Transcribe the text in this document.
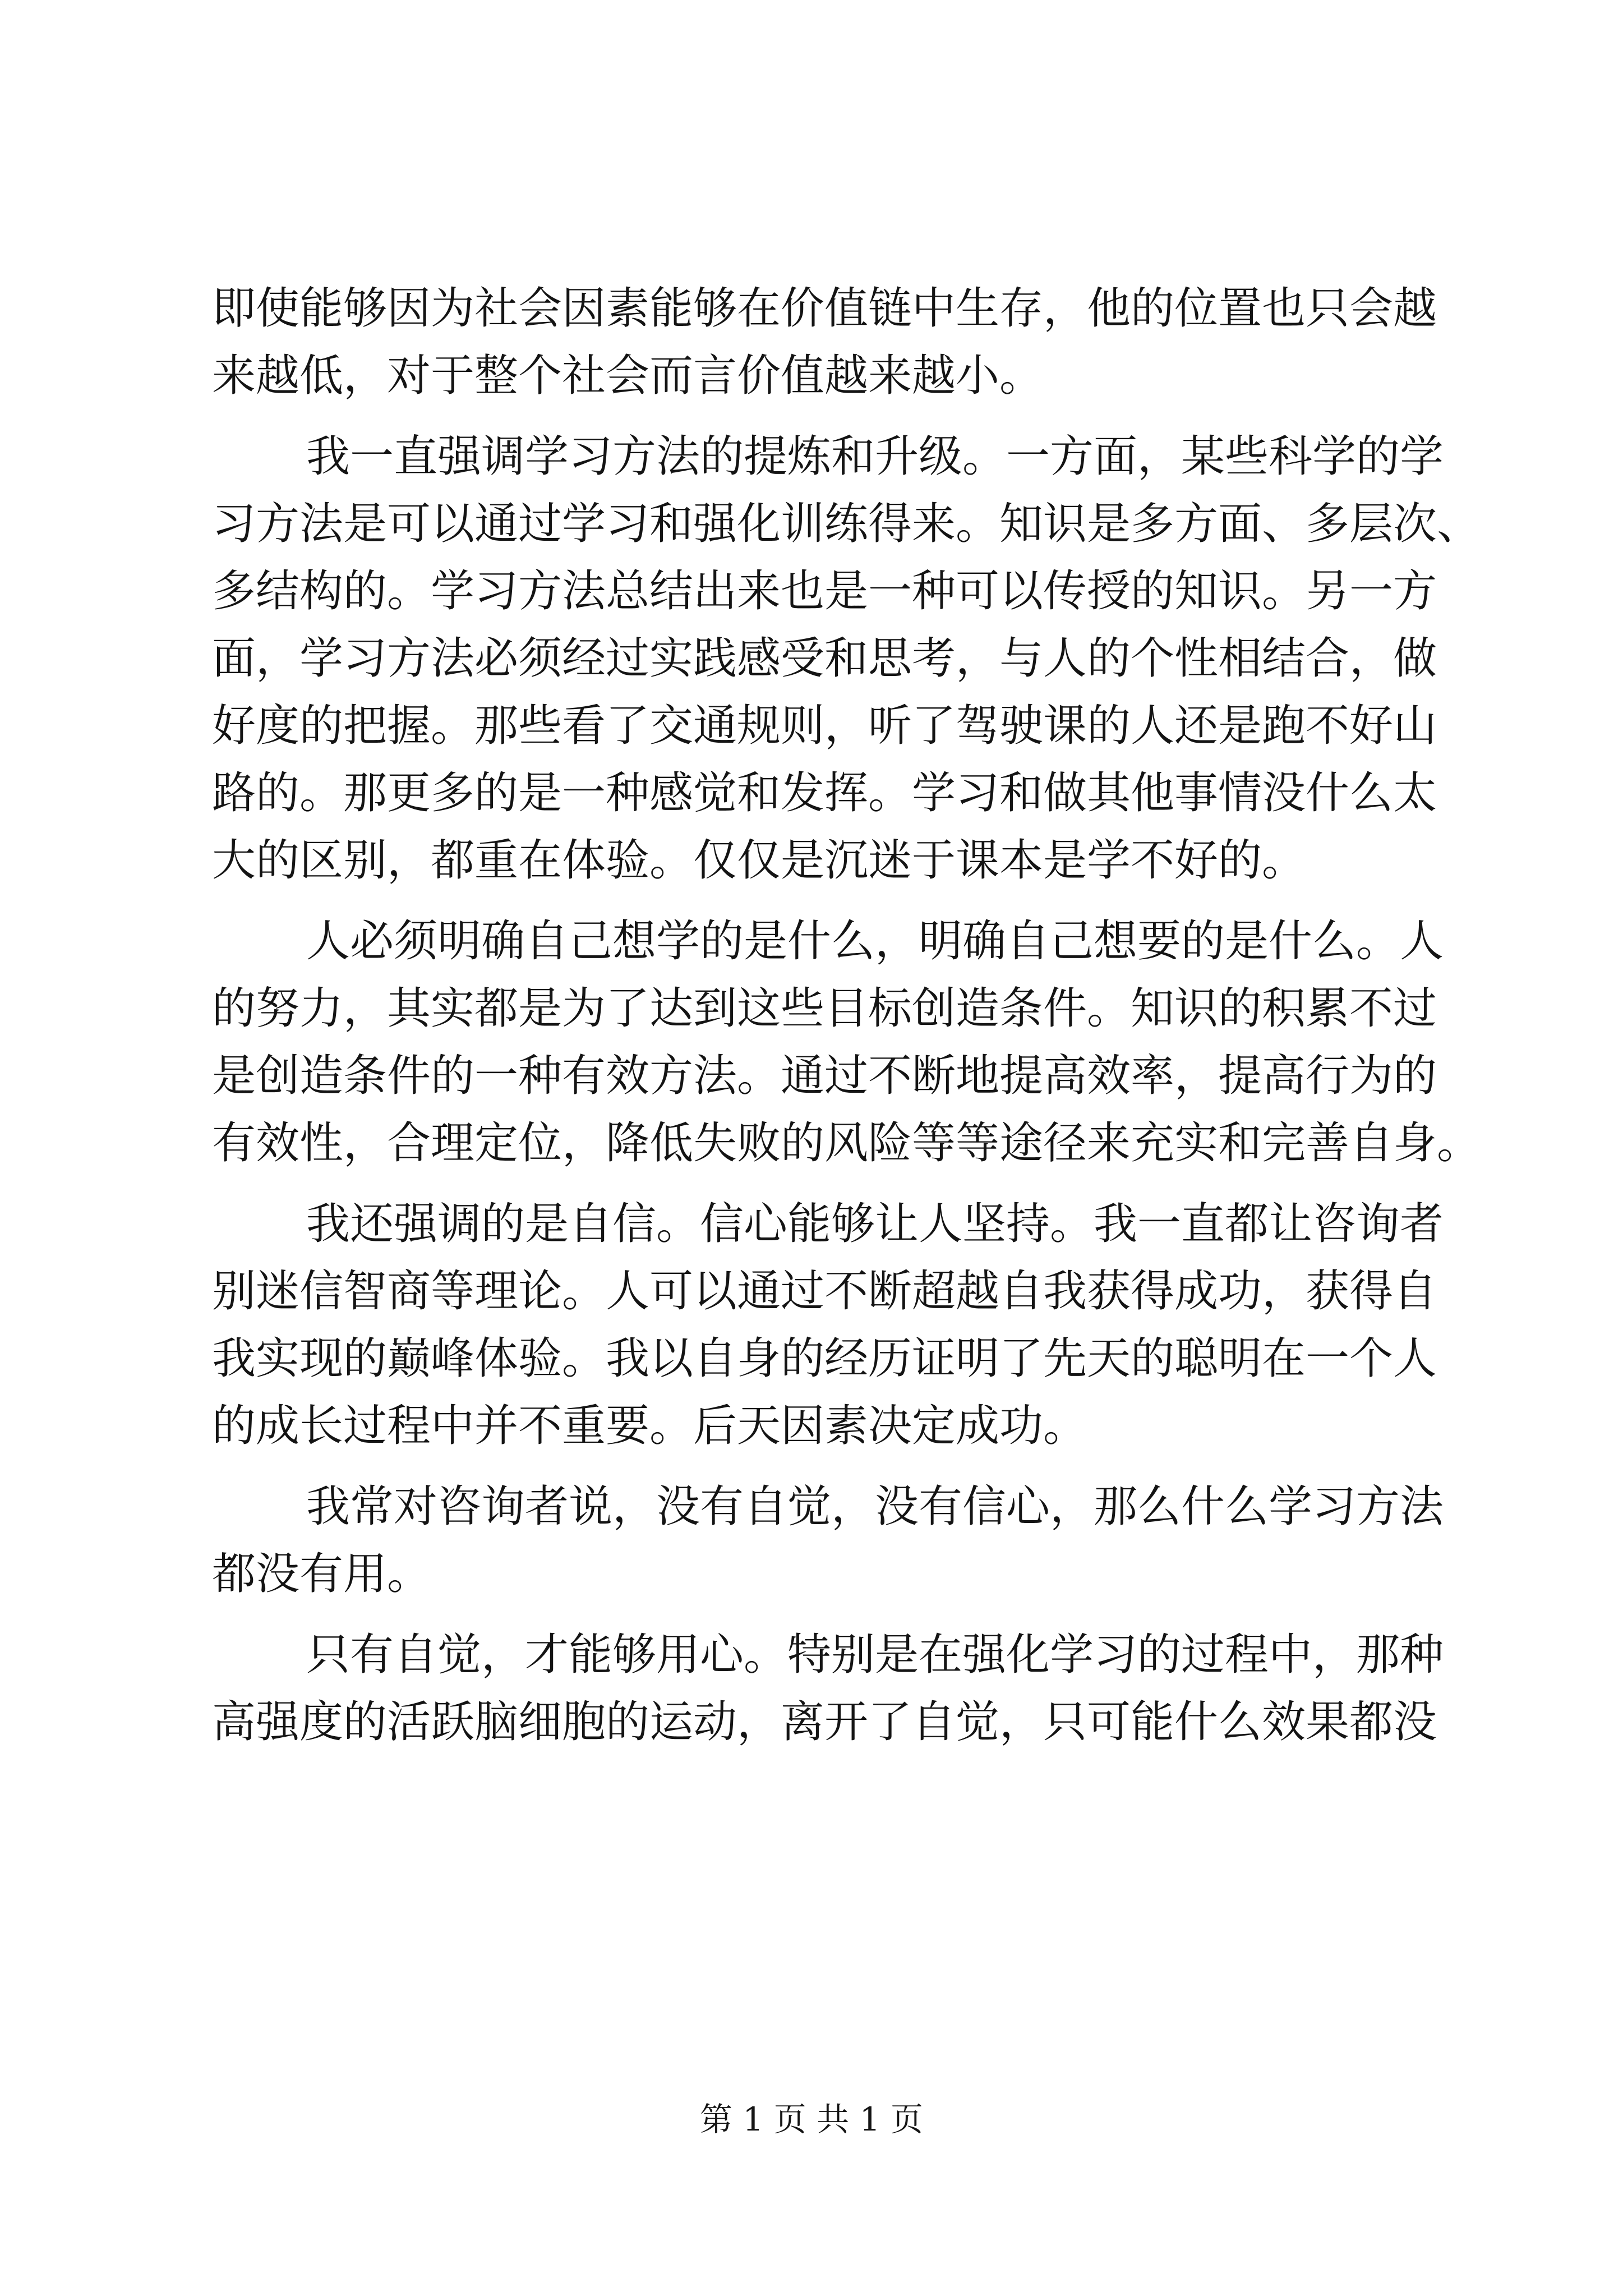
即使能够因为社会因素能够在价值链中生存，他的位置也只会越
来越低，对于整个社会而言价值越来越小。
我一直强调学习方法的提炼和升级。一方面，某些科学的学
习方法是可以通过学习和强化训练得来。知识是多方面、多层次、
多结构的。学习方法总结出来也是一种可以传授的知识。另一方
面，学习方法必须经过实践感受和思考，与人的个性相结合，做
好度的把握。那些看了交通规则，听了驾驶课的人还是跑不好山
路的。那更多的是一种感觉和发挥。学习和做其他事情没什么太
大的区别，都重在体验。仅仅是沉迷于课本是学不好的。
人必须明确自己想学的是什么，明确自己想要的是什么。人
的努力，其实都是为了达到这些目标创造条件。知识的积累不过
是创造条件的一种有效方法。通过不断地提高效率，提高行为的
有效性，合理定位，降低失败的风险等等途径来充实和完善自身。
我还强调的是自信。信心能够让人坚持。我一直都让咨询者
别迷信智商等理论。人可以通过不断超越自我获得成功，获得自
我实现的巅峰体验。我以自身的经历证明了先天的聪明在一个人
的成长过程中并不重要。后天因素决定成功。
我常对咨询者说，没有自觉，没有信心，那么什么学习方法
都没有用。
只有自觉，才能够用心。特别是在强化学习的过程中，那种
高强度的活跃脑细胞的运动，离开了自觉，只可能什么效果都没
第 1 页 共 1 页
